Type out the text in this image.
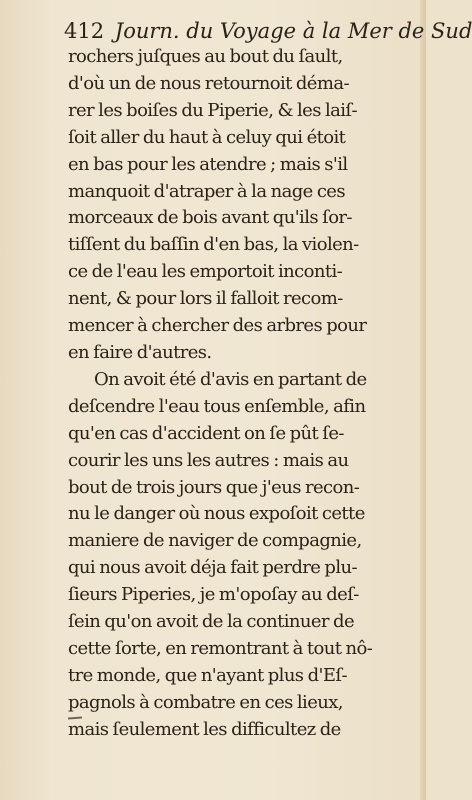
412 Journ. du Voyage à la Mer de Sud
rochers juſques au bout du ſault,
d'où un de nous retournoit déma-
rer les boiſes du Piperie, & les laiſ-
ſoit aller du haut à celuy qui étoit
en bas pour les atendre ; mais s'il
manquoit d'atraper à la nage ces
morceaux de bois avant qu'ils ſor-
tiſſent du baſſin d'en bas, la violen-
ce de l'eau les emportoit inconti-
nent, & pour lors il falloit recom-
mencer à chercher des arbres pour
en faire d'autres.
On avoit été d'avis en partant de
deſcendre l'eau tous enſemble, afin
qu'en cas d'accident on ſe pût ſe-
courir les uns les autres : mais au
bout de trois jours que j'eus recon-
nu le danger où nous expoſoit cette
maniere de naviger de compagnie,
qui nous avoit déja fait perdre plu-
ſieurs Piperies, je m'opoſay au deſ-
ſein qu'on avoit de la continuer de
cette ſorte, en remontrant à tout nô-
tre monde, que n'ayant plus d'Eſ-
pagnols à combatre en ces lieux,
mais ſeulement les difficultez de
